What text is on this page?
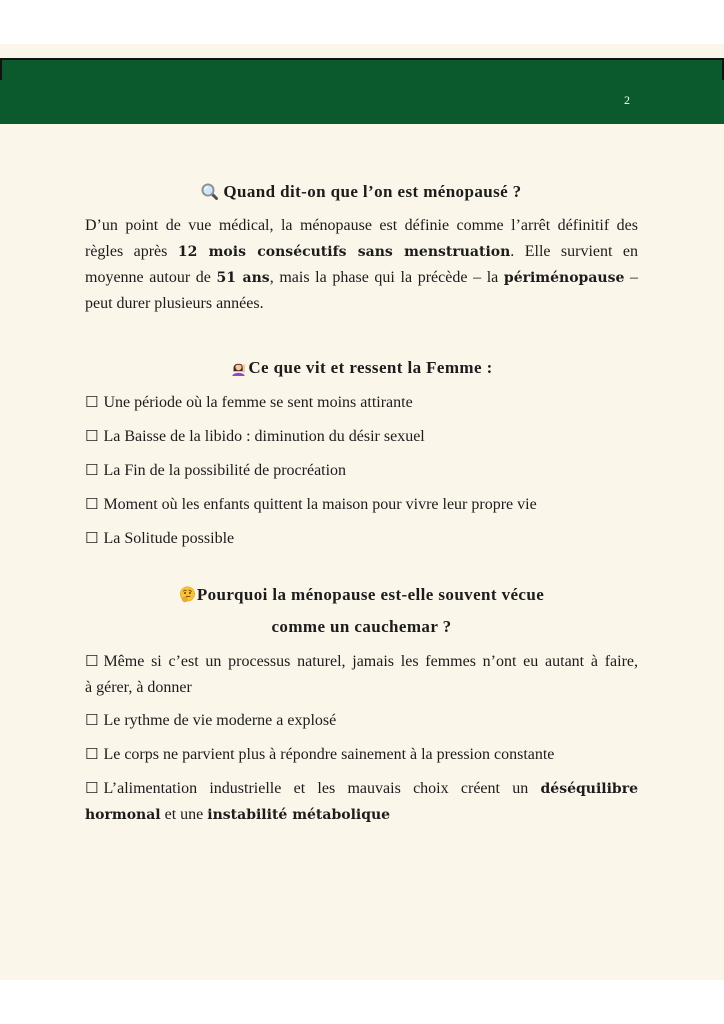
2
Quand dit-on que l’on est ménopausé ?
D’un point de vue médical, la ménopause est définie comme l’arrêt définitif des
règles après 12 mois consécutifs sans menstruation. Elle survient en
moyenne autour de 51 ans, mais la phase qui la précède – la périménopause –
peut durer plusieurs années.
Ce que vit et ressent la Femme :
☐ Une période où la femme se sent moins attirante
☐ La Baisse de la libido : diminution du désir sexuel
☐ La Fin de la possibilité de procréation
☐ Moment où les enfants quittent la maison pour vivre leur propre vie
☐ La Solitude possible
Pourquoi la ménopause est-elle souvent vécue
comme un cauchemar ?
☐ Même si c’est un processus naturel, jamais les femmes n’ont eu autant à faire,
à gérer, à donner
☐ Le rythme de vie moderne a explosé
☐ Le corps ne parvient plus à répondre sainement à la pression constante
☐ L’alimentation industrielle et les mauvais choix créent un déséquilibre
hormonal et une instabilité métabolique
